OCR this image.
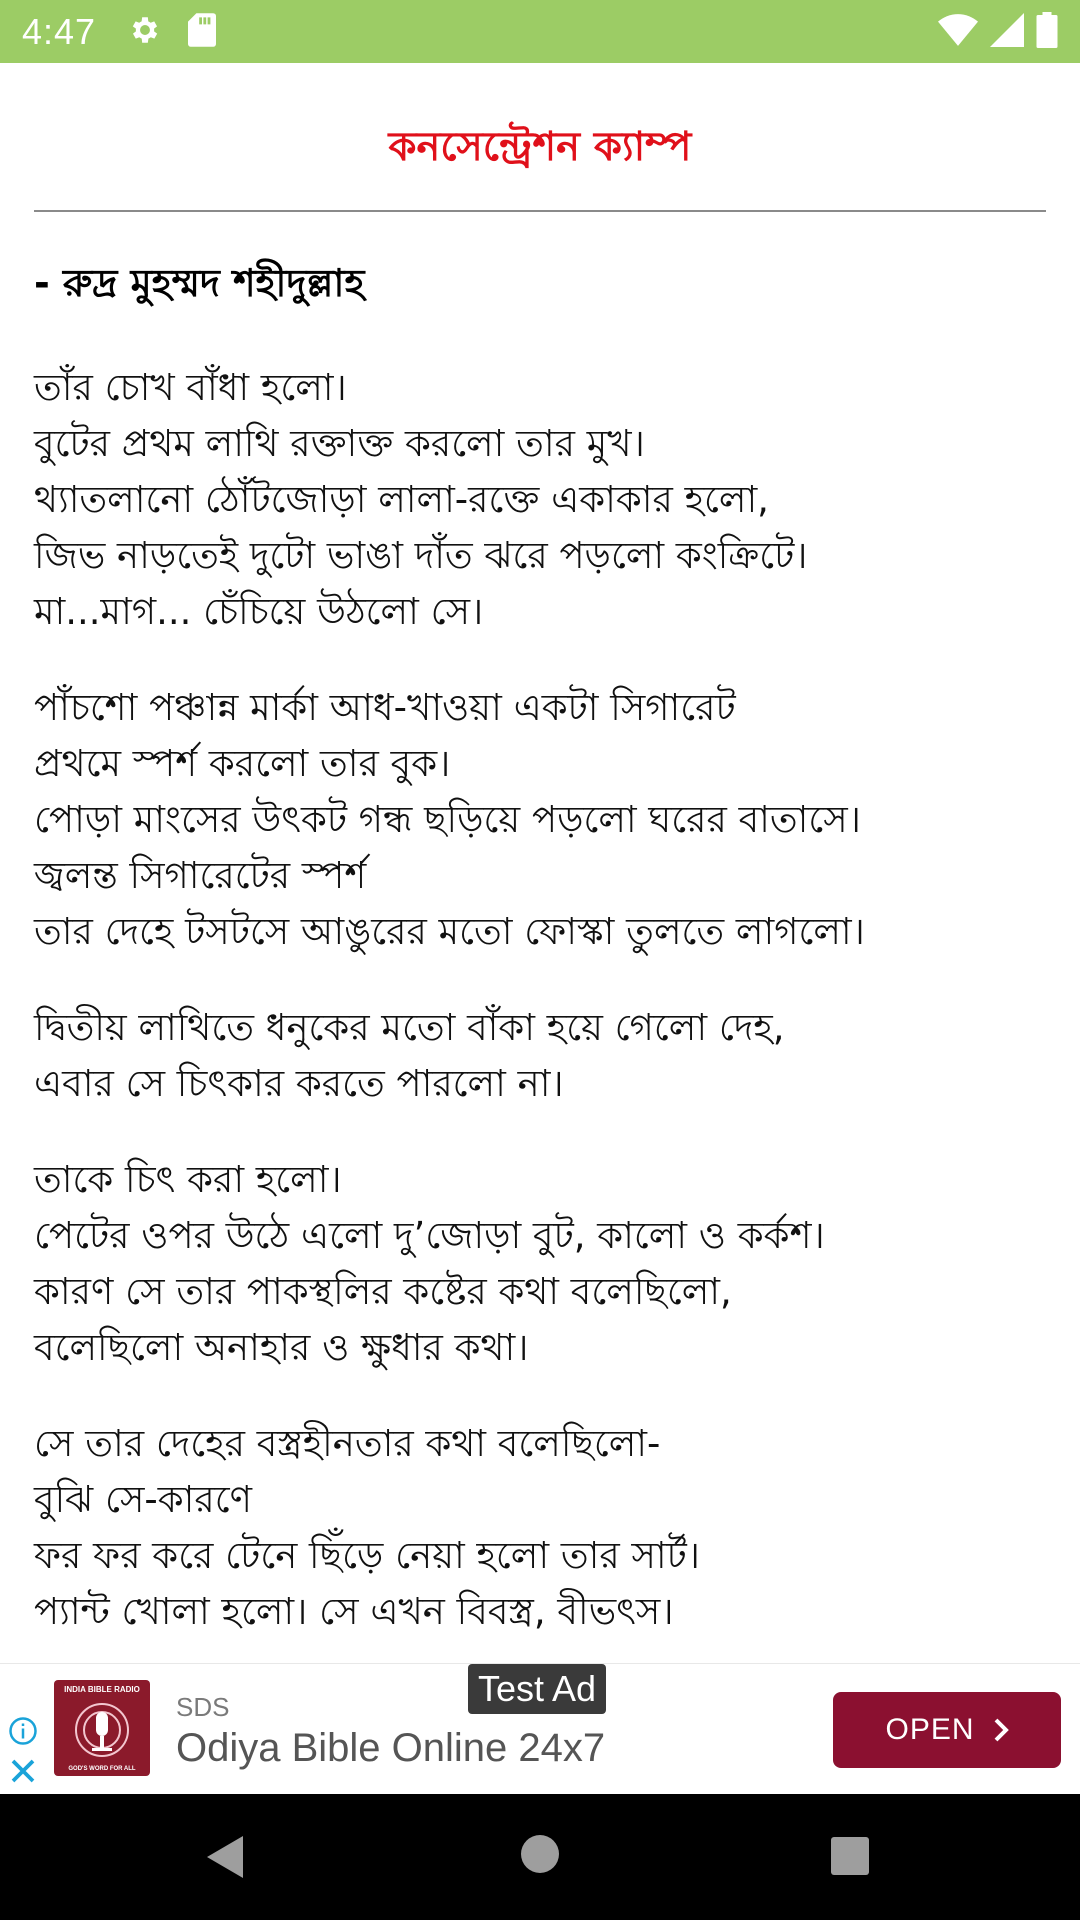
4:47
কনসেন্ট্রেশন ক্যাম্প
- রুদ্র মুহম্মদ শহীদুল্লাহ
তাঁর চোখ বাঁধা হলো।
বুটের প্রথম লাথি রক্তাক্ত করলো তার মুখ।
থ্যাতলানো ঠোঁটজোড়া লালা-রক্তে একাকার হলো,
জিভ নাড়তেই দুটো ভাঙা দাঁত ঝরে পড়লো কংক্রিটে।
মা...মাগ... চেঁচিয়ে উঠলো সে।
পাঁচশো পঞ্চান্ন মার্কা আধ-খাওয়া একটা সিগারেট
প্রথমে স্পর্শ করলো তার বুক।
পোড়া মাংসের উৎকট গন্ধ ছড়িয়ে পড়লো ঘরের বাতাসে।
জ্বলন্ত সিগারেটের স্পর্শ
তার দেহে টসটসে আঙুরের মতো ফোস্কা তুলতে লাগলো।
দ্বিতীয় লাথিতে ধনুকের মতো বাঁকা হয়ে গেলো দেহ,
এবার সে চিৎকার করতে পারলো না।
তাকে চিৎ করা হলো।
পেটের ওপর উঠে এলো দু’জোড়া বুট, কালো ও কর্কশ।
কারণ সে তার পাকস্থলির কষ্টের কথা বলেছিলো,
বলেছিলো অনাহার ও ক্ষুধার কথা।
সে তার দেহের বস্ত্রহীনতার কথা বলেছিলো-
বুঝি সে-কারণে
ফর ফর করে টেনে ছিঁড়ে নেয়া হলো তার সার্ট।
প্যান্ট খোলা হলো। সে এখন বিবস্ত্র, বীভৎস।
INDIA BIBLE RADIO
GOD'S WORD FOR ALL
Test Ad
SDS
Odiya Bible Online 24x7	OPEN
